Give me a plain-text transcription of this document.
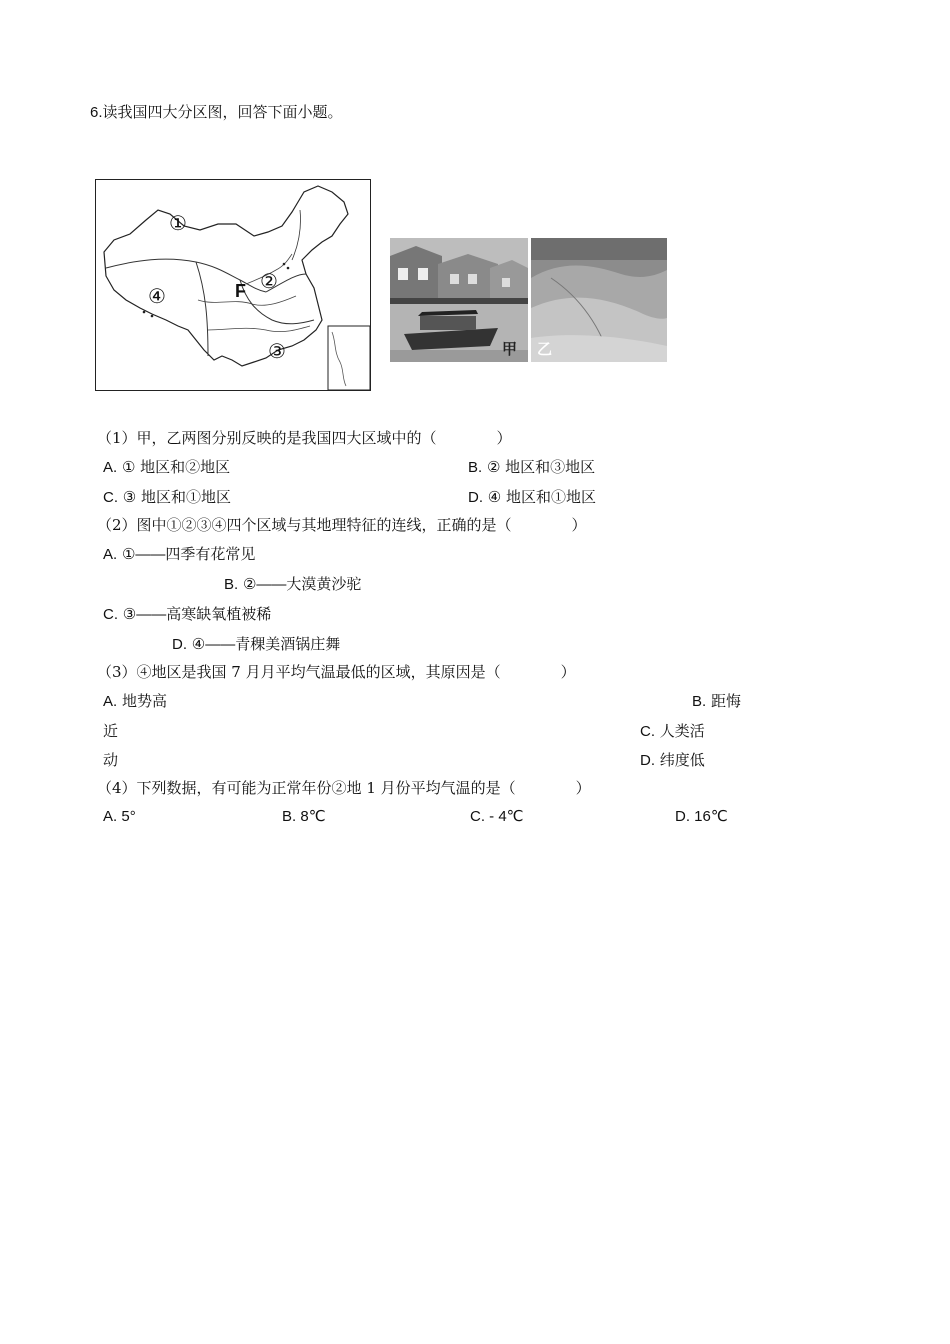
6.读我国四大分区图，回答下面小题。
①
②
③
④	F
甲 乙
（1）甲，乙两图分别反映的是我国四大区域中的（　　　　）
A. ① 地区和②地区	B. ② 地区和③地区
C. ③ 地区和①地区	D. ④ 地区和①地区
（2）图中①②③④四个区域与其地理特征的连线，正确的是（　　　　）
A. ①――四季有花常见
B. ②――大漠黄沙驼
C. ③――高寒缺氧植被稀
D. ④――青稞美酒锅庄舞
（3）④地区是我国 7 月月平均气温最低的区域，其原因是（　　　　）
A. 地势高	B. 距悔
近	C. 人类活
动	D. 纬度低
（4）下列数据，有可能为正常年份②地 1 月份平均气温的是（　　　　）
A. 5°	B. 8℃	C. - 4℃	D. 16℃
